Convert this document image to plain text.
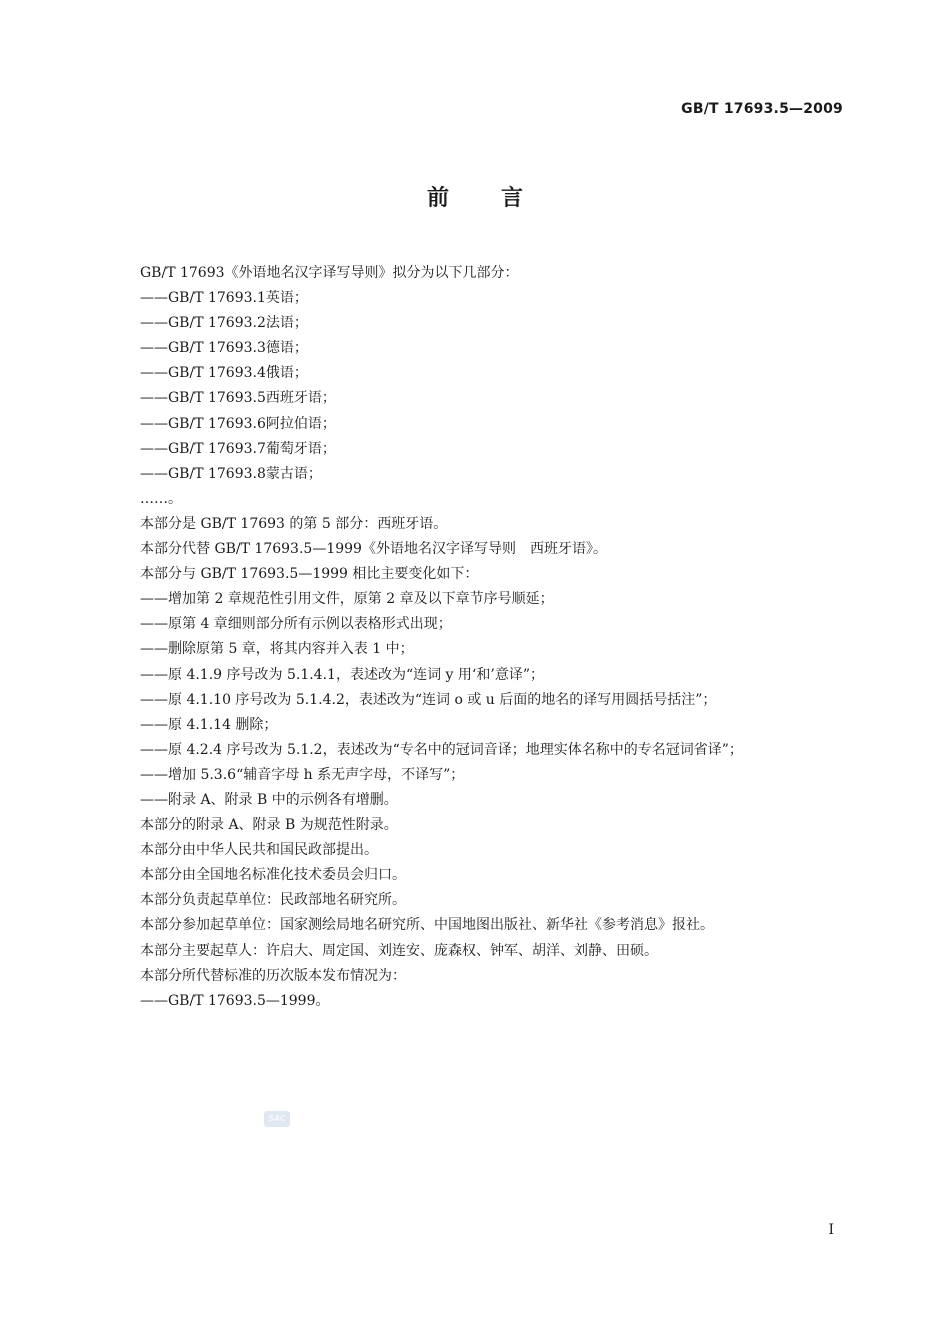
GB/T 17693.5—2009
前 言
GB/T 17693《外语地名汉字译写导则》拟分为以下几部分：
——GB/T 17693.1英语；
——GB/T 17693.2法语；
——GB/T 17693.3德语；
——GB/T 17693.4俄语；
——GB/T 17693.5西班牙语；
——GB/T 17693.6阿拉伯语；
——GB/T 17693.7葡萄牙语；
——GB/T 17693.8蒙古语；
……。
本部分是 GB/T 17693 的第 5 部分：西班牙语。
本部分代替 GB/T 17693.5—1999《外语地名汉字译写导则　西班牙语》。
本部分与 GB/T 17693.5—1999 相比主要变化如下：
——增加第 2 章规范性引用文件，原第 2 章及以下章节序号顺延；
——原第 4 章细则部分所有示例以表格形式出现；
——删除原第 5 章，将其内容并入表 1 中；
——原 4.1.9 序号改为 5.1.4.1，表述改为“连词 y 用‘和’意译”；
——原 4.1.10 序号改为 5.1.4.2，表述改为“连词 o 或 u 后面的地名的译写用圆括号括注”；
——原 4.1.14 删除；
——原 4.2.4 序号改为 5.1.2，表述改为“专名中的冠词音译；地理实体名称中的专名冠词省译”；
——增加 5.3.6“辅音字母 h 系无声字母，不译写”；
——附录 A、附录 B 中的示例各有增删。
本部分的附录 A、附录 B 为规范性附录。
本部分由中华人民共和国民政部提出。
本部分由全国地名标准化技术委员会归口。
本部分负责起草单位：民政部地名研究所。
本部分参加起草单位：国家测绘局地名研究所、中国地图出版社、新华社《参考消息》报社。
本部分主要起草人：许启大、周定国、刘连安、庞森权、钟军、胡洋、刘静、田硕。
本部分所代替标准的历次版本发布情况为：
——GB/T 17693.5—1999。
SAC
I
